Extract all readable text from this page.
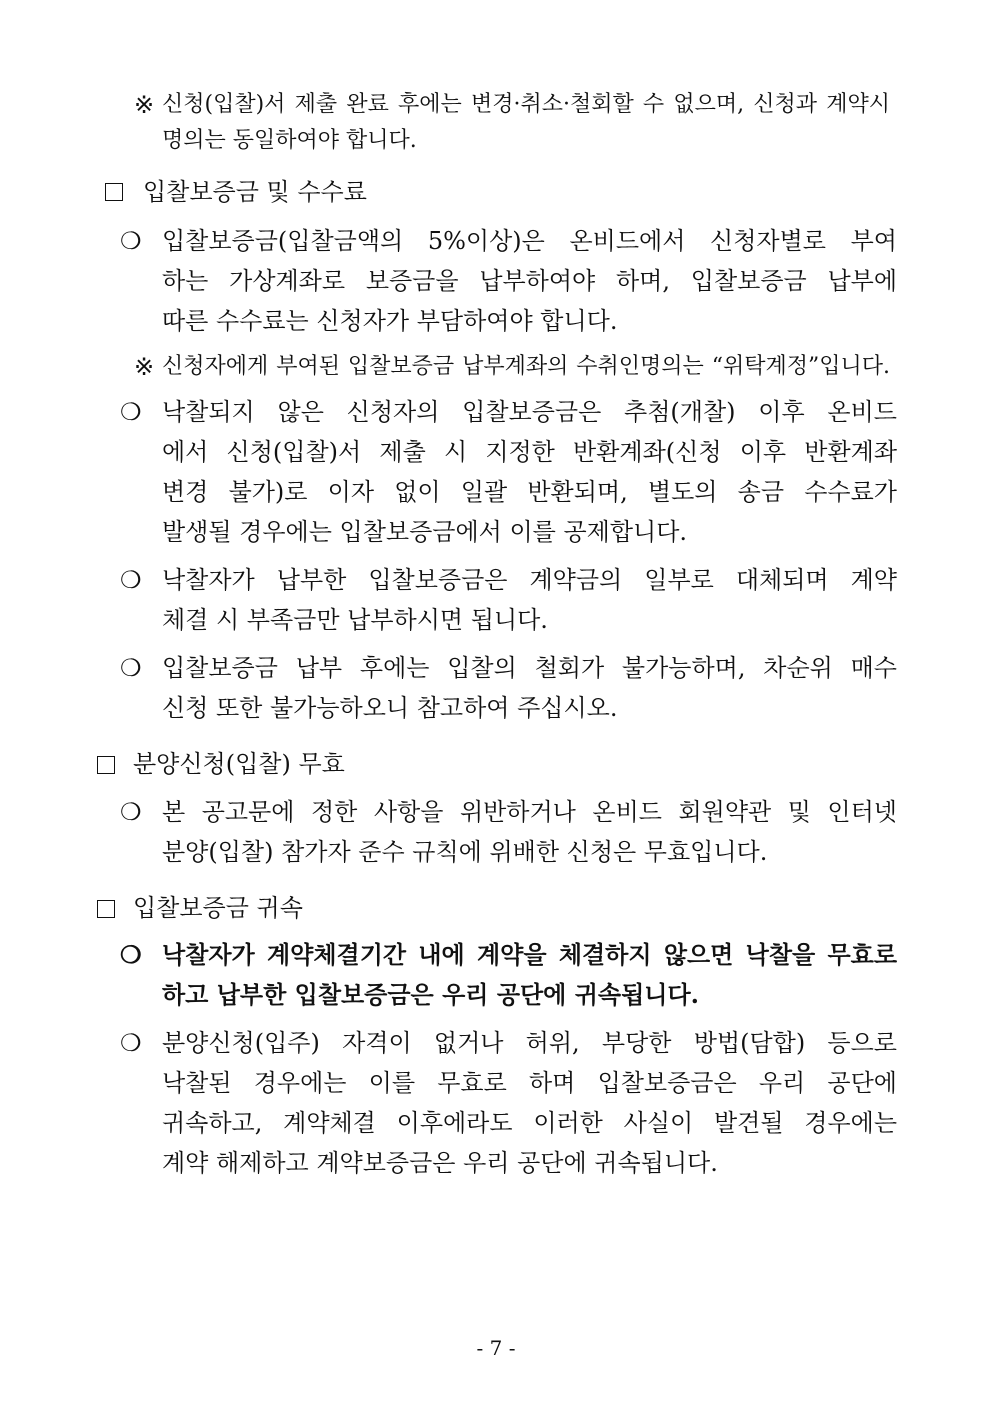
※ 신청(입찰)서 제출 완료 후에는 변경·취소·철회할 수 없으며, 신청과 계약시
명의는 동일하여야 합니다.
입찰보증금 및 수수료
❍ 입찰보증금(입찰금액의 5%이상)은 온비드에서 신청자별로 부여
하는 가상계좌로 보증금을 납부하여야 하며, 입찰보증금 납부에
따른 수수료는 신청자가 부담하여야 합니다.
※ 신청자에게 부여된 입찰보증금 납부계좌의 수취인명의는 “위탁계정”입니다.
❍ 낙찰되지 않은 신청자의 입찰보증금은 추첨(개찰) 이후 온비드
에서 신청(입찰)서 제출 시 지정한 반환계좌(신청 이후 반환계좌
변경 불가)로 이자 없이 일괄 반환되며, 별도의 송금 수수료가
발생될 경우에는 입찰보증금에서 이를 공제합니다.
❍ 낙찰자가 납부한 입찰보증금은 계약금의 일부로 대체되며 계약
체결 시 부족금만 납부하시면 됩니다.
❍ 입찰보증금 납부 후에는 입찰의 철회가 불가능하며, 차순위 매수
신청 또한 불가능하오니 참고하여 주십시오.
분양신청(입찰) 무효
❍ 본 공고문에 정한 사항을 위반하거나 온비드 회원약관 및 인터넷
분양(입찰) 참가자 준수 규칙에 위배한 신청은 무효입니다.
입찰보증금 귀속
❍ 낙찰자가 계약체결기간 내에 계약을 체결하지 않으면 낙찰을 무효로
하고 납부한 입찰보증금은 우리 공단에 귀속됩니다.
❍ 분양신청(입주) 자격이 없거나 허위, 부당한 방법(담합) 등으로
낙찰된 경우에는 이를 무효로 하며 입찰보증금은 우리 공단에
귀속하고, 계약체결 이후에라도 이러한 사실이 발견될 경우에는
계약 해제하고 계약보증금은 우리 공단에 귀속됩니다.
- 7 -
